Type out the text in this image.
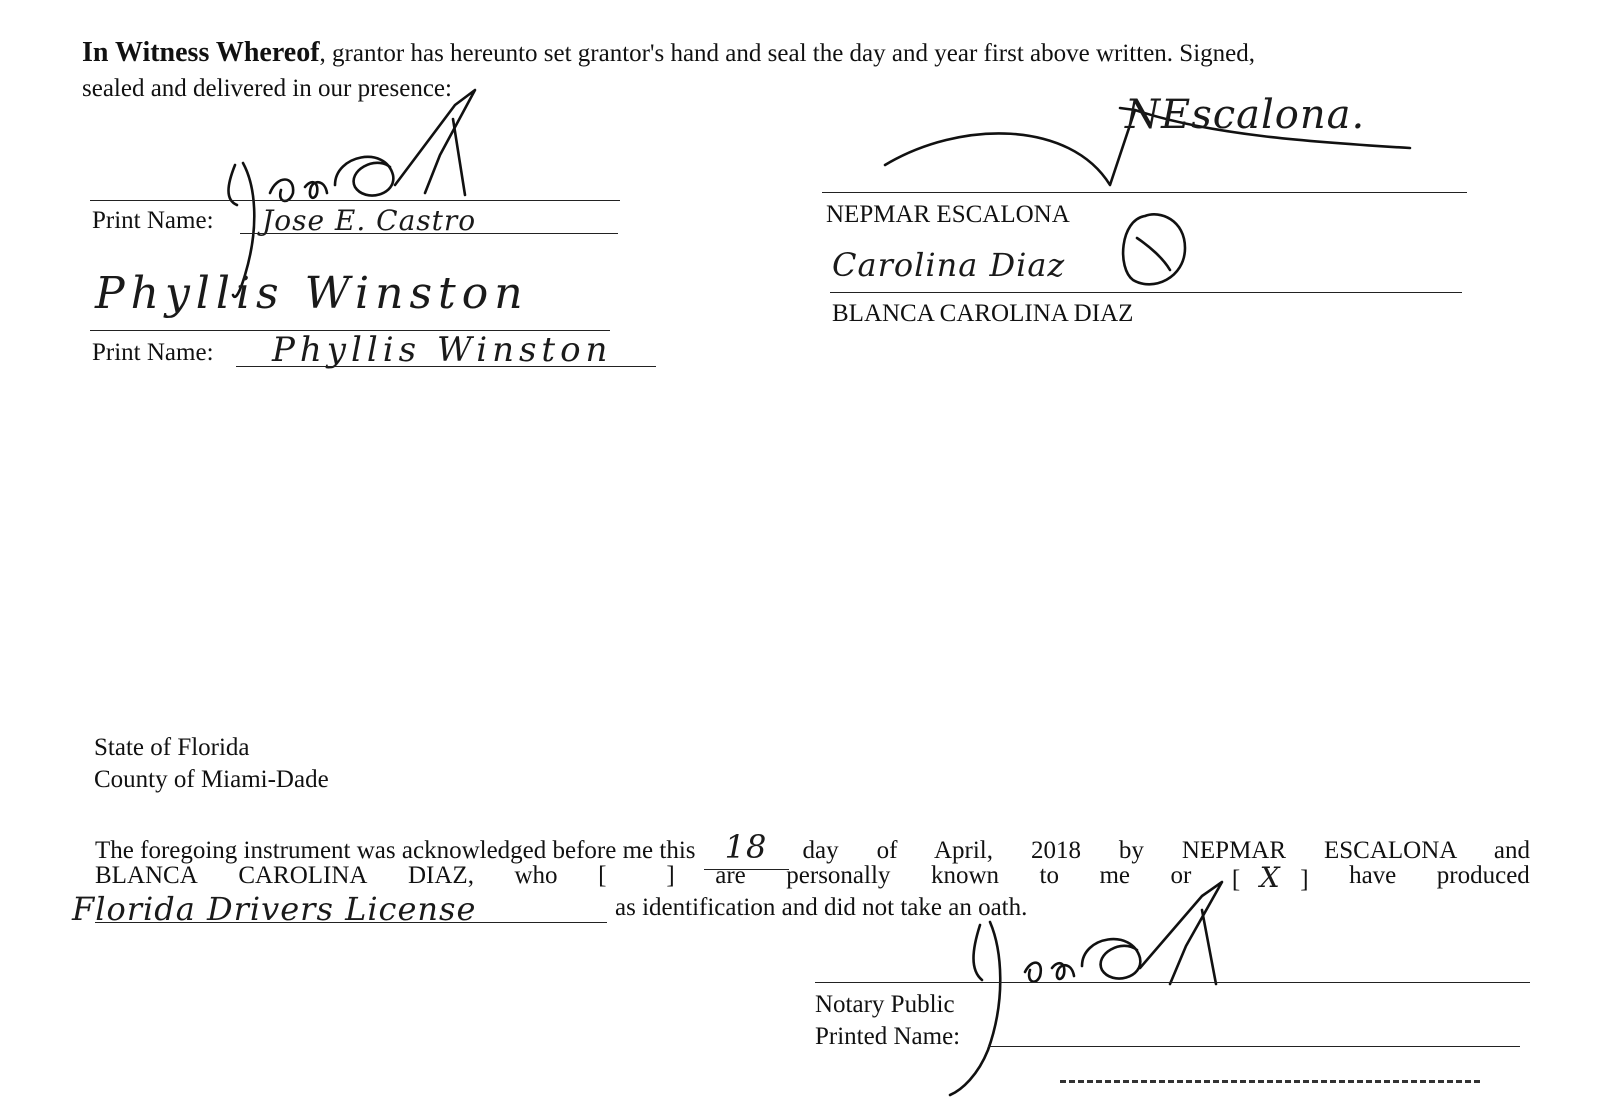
In Witness Whereof, grantor has hereunto set grantor's hand and seal the day and year first above written. Signed,
sealed and delivered in our presence:
Print Name: Jose E. Castro
Phyllis Winston
Print Name: Phyllis Winston
NEscalona.
NEPMAR ESCALONA
Carolina Diaz
BLANCA CAROLINA DIAZ
State of Florida
County of Miami-Dade
The foregoing instrument was acknowledged before me this 18	day of April, 2018 by NEPMAR ESCALONA and
BLANCA CAROLINA DIAZ, who [ ] are personally known to me or [ X ] have produced
Florida Drivers License	as identification and did not take an oath.
Notary Public
Printed Name:
